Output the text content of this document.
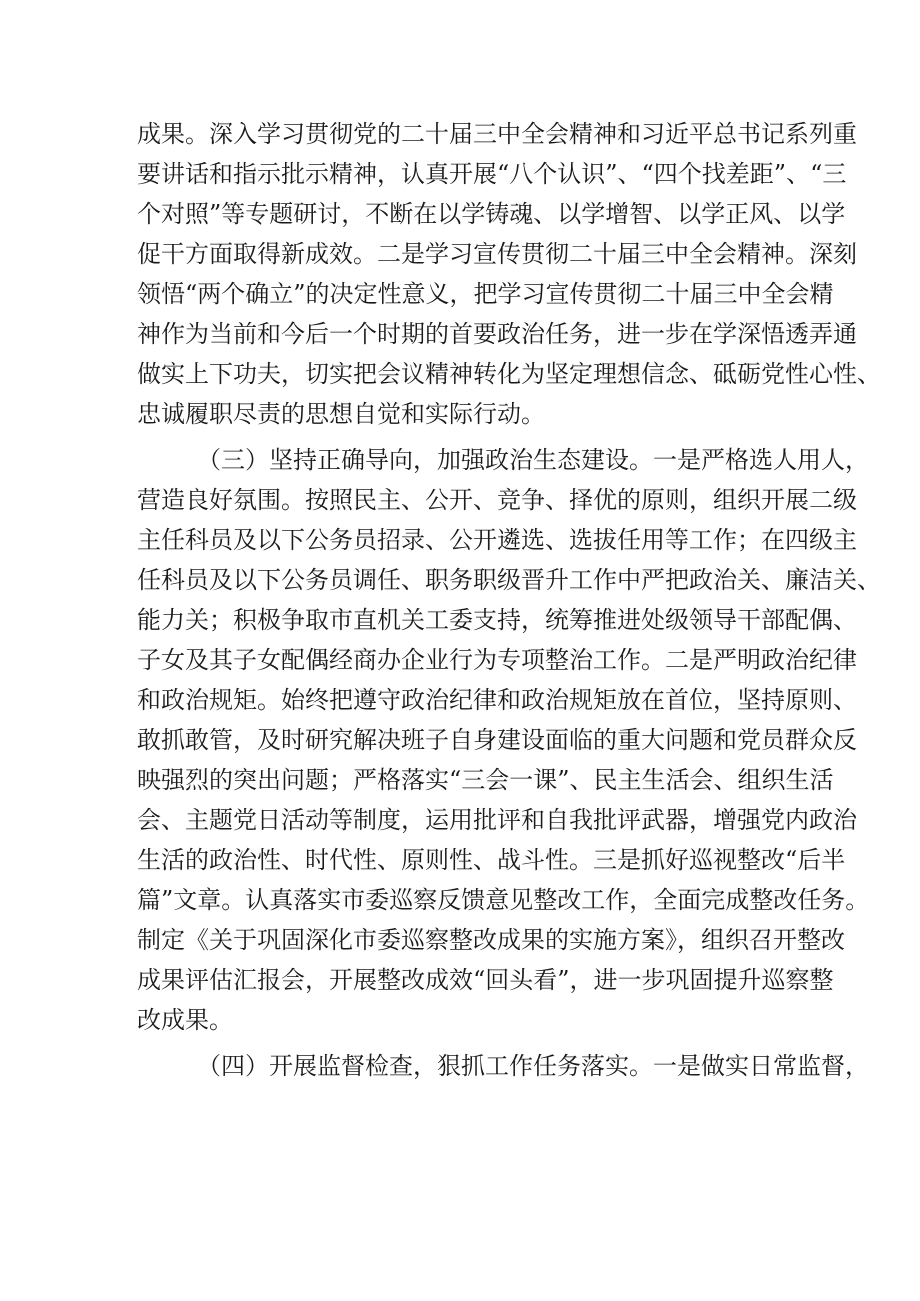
成果。深入学习贯彻党的二十届三中全会精神和习近平总书记系列重
要讲话和指示批示精神，认真开展“八个认识”、“四个找差距”、“三
个对照”等专题研讨，不断在以学铸魂、以学增智、以学正风、以学
促干方面取得新成效。二是学习宣传贯彻二十届三中全会精神。深刻
领悟“两个确立”的决定性意义，把学习宣传贯彻二十届三中全会精
神作为当前和今后一个时期的首要政治任务，进一步在学深悟透弄通
做实上下功夫，切实把会议精神转化为坚定理想信念、砥砺党性心性、
忠诚履职尽责的思想自觉和实际行动。
（三）坚持正确导向，加强政治生态建设。一是严格选人用人，
营造良好氛围。按照民主、公开、竞争、择优的原则，组织开展二级
主任科员及以下公务员招录、公开遴选、选拔任用等工作；在四级主
任科员及以下公务员调任、职务职级晋升工作中严把政治关、廉洁关、
能力关；积极争取市直机关工委支持，统筹推进处级领导干部配偶、
子女及其子女配偶经商办企业行为专项整治工作。二是严明政治纪律
和政治规矩。始终把遵守政治纪律和政治规矩放在首位，坚持原则、
敢抓敢管，及时研究解决班子自身建设面临的重大问题和党员群众反
映强烈的突出问题；严格落实“三会一课”、民主生活会、组织生活
会、主题党日活动等制度，运用批评和自我批评武器，增强党内政治
生活的政治性、时代性、原则性、战斗性。三是抓好巡视整改“后半
篇”文章。认真落实市委巡察反馈意见整改工作，全面完成整改任务。
制定《关于巩固深化市委巡察整改成果的实施方案》，组织召开整改
成果评估汇报会，开展整改成效“回头看”，进一步巩固提升巡察整
改成果。
（四）开展监督检查，狠抓工作任务落实。一是做实日常监督，
